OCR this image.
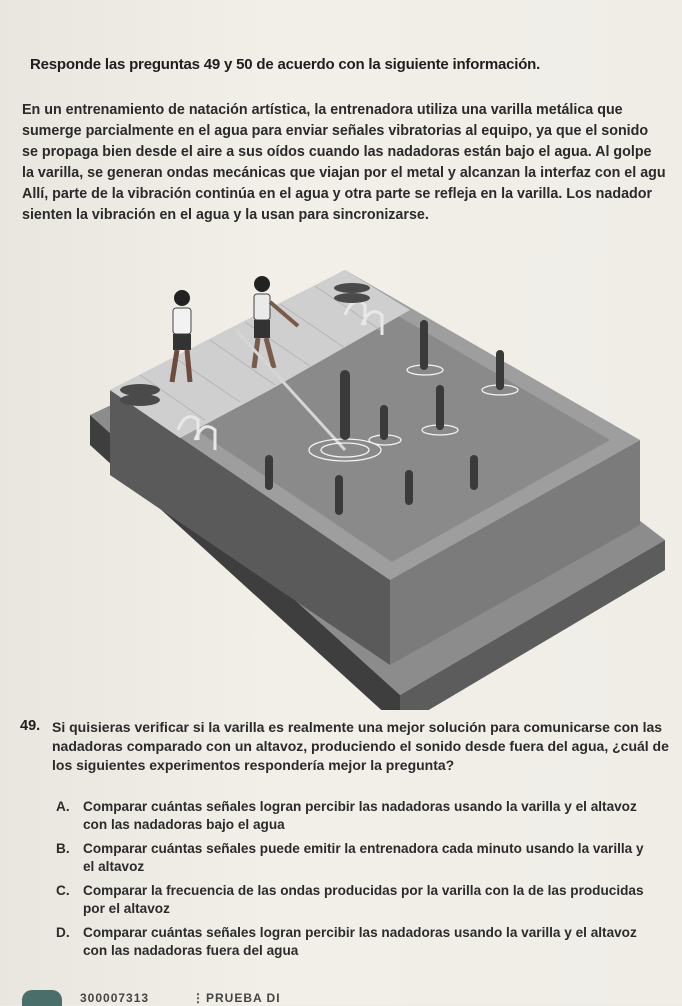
Responde las preguntas 49 y 50 de acuerdo con la siguiente información.
En un entrenamiento de natación artística, la entrenadora utiliza una varilla metálica que
sumerge parcialmente en el agua para enviar señales vibratorias al equipo, ya que el sonido
se propaga bien desde el aire a sus oídos cuando las nadadoras están bajo el agua. Al golpe
la varilla, se generan ondas mecánicas que viajan por el metal y alcanzan la interfaz con el agu
Allí, parte de la vibración continúa en el agua y otra parte se refleja en la varilla. Los nadador
sienten la vibración en el agua y la usan para sincronizarse.
49. Si quisieras verificar si la varilla es realmente una mejor solución para comunicarse con las
nadadoras comparado con un altavoz, produciendo el sonido desde fuera del agua, ¿cuál de
los siguientes experimentos respondería mejor la pregunta?
A. Comparar cuántas señales logran percibir las nadadoras usando la varilla y el altavoz
con las nadadoras bajo el agua
B. Comparar cuántas señales puede emitir la entrenadora cada minuto usando la varilla y
el altavoz
C. Comparar la frecuencia de las ondas producidas por la varilla con la de las producidas
por el altavoz
D. Comparar cuántas señales logran percibir las nadadoras usando la varilla y el altavoz
con las nadadoras fuera del agua
300007313	⋮ PRUEBA DI
